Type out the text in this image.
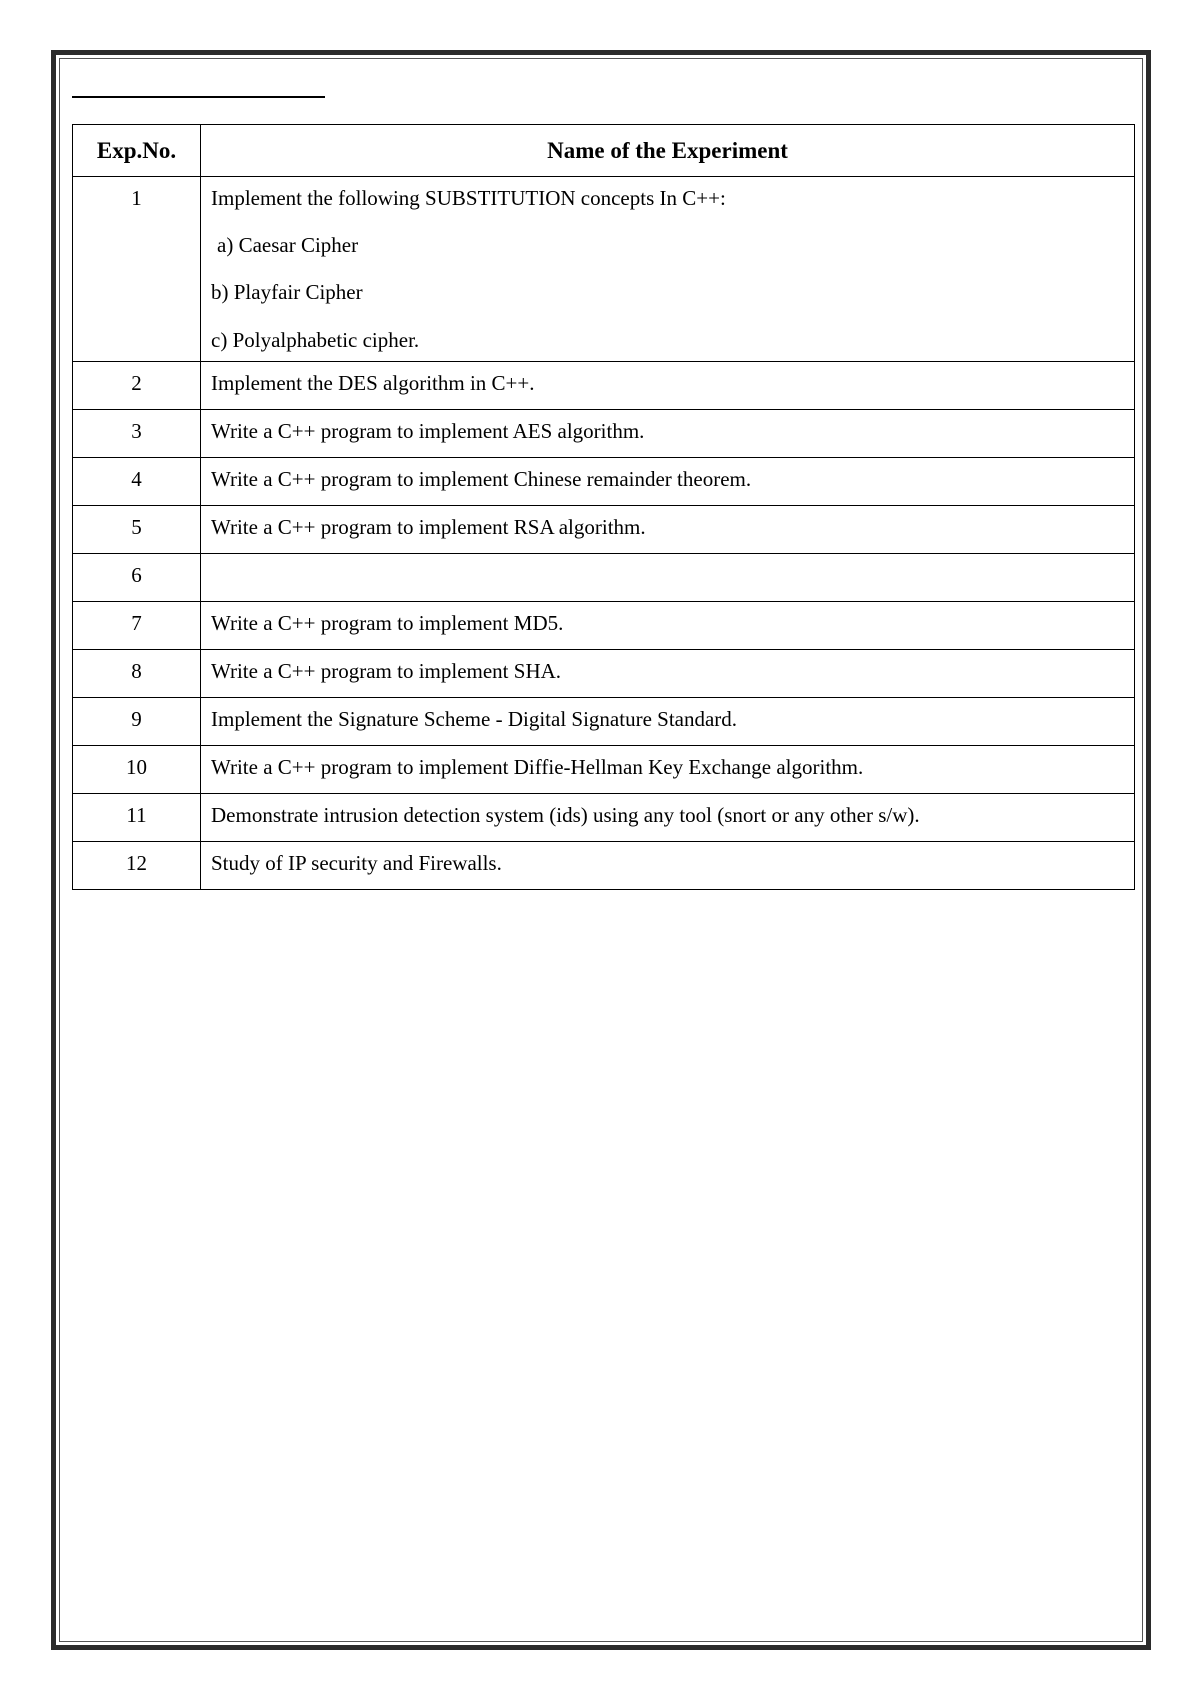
Exp.No.	Name of the Experiment
1	Implement the following SUBSTITUTION concepts In C++:
a) Caesar Cipher
b) Playfair Cipher
c) Polyalphabetic cipher.

2	Implement the DES algorithm in C++.
3	Write a C++ program to implement AES algorithm.
4	Write a C++ program to implement Chinese remainder theorem.
5	Write a C++ program to implement RSA algorithm.
6	
7	Write a C++ program to implement MD5.
8	Write a C++ program to implement SHA.
9	Implement the Signature Scheme - Digital Signature Standard.
10	Write a C++ program to implement Diffie-Hellman Key Exchange algorithm.
11	Demonstrate intrusion detection system (ids) using any tool (snort or any other s/w).
12	Study of IP security and Firewalls.
